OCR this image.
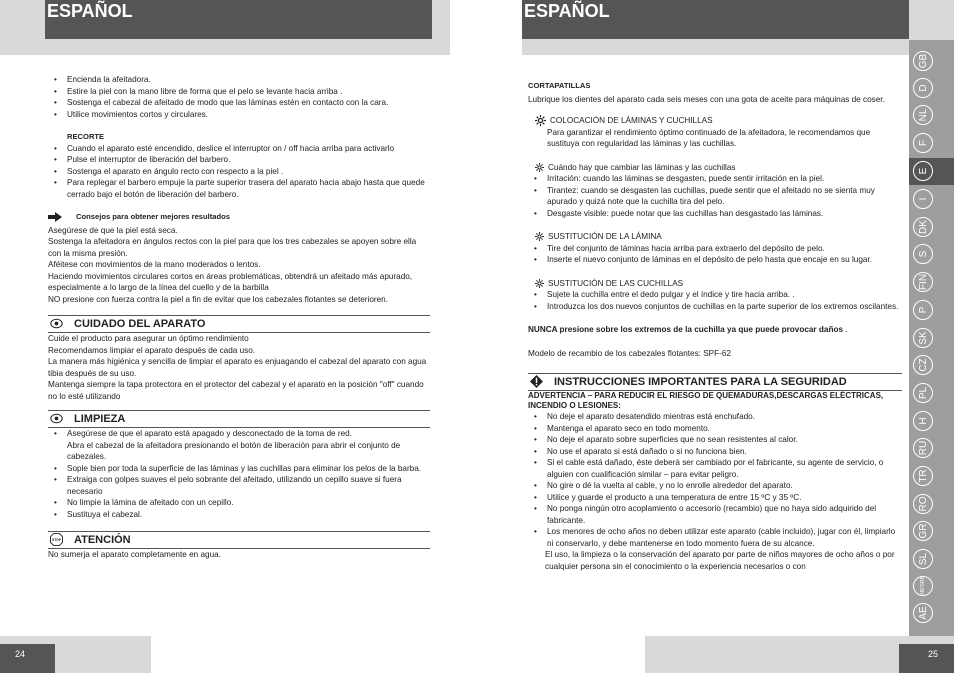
ESPAÑOL
• Encienda la afeitadora.
• Estire la piel con la mano libre de forma que el pelo se levante hacia arriba .
• Sostenga el cabezal de afeitado de modo que las láminas estén en contacto con la cara.
• Utilice movimientos cortos y circulares.

RECORTE

• Cuando el aparato esté encendido, deslice el interruptor on / off hacia arriba para activarlo
• Pulse el interruptor de liberación del barbero.
• Sostenga el aparato en ángulo recto con respecto a la piel .
• Para replegar el barbero empuje la parte superior trasera del aparato hacia abajo hasta que quede cerrado bajo el botón de liberación del barbero.
Consejos para obtener mejores resultados

Asegúrese de que la piel está seca.

Sostenga la afeitadora en ángulos rectos con la piel para que los tres cabezales se apoyen sobre ella con la misma presión.

Aféitese con movimientos de la mano moderados o lentos.

Haciendo movimientos circulares cortos en áreas problemáticas, obtendrá un afeitado más apurado, especialmente a lo largo de la línea del cuello y de la barbilla

NO presione con fuerza contra la piel a fin de evitar que los cabezales flotantes se deterioren.

CUIDADO DEL APARATO

Cuide el producto para asegurar un óptimo rendimiento

Recomendamos limpiar el aparato después de cada uso.

La manera más higiénica y sencilla de limpiar el aparato es enjuagando el cabezal del aparato con agua tibia después de su uso.

Mantenga siempre la tapa protectora en el protector del cabezal y el aparato en la posición "off" cuando no lo esté utilizando

LIMPIEZA
• Asegúrese de que el aparato está apagado y desconectado de la toma de red.
Abra el cabezal de la afeitadora presionando el botón de liberación para abrir el conjunto de cabezales.
• Sople bien por toda la superficie de las láminas y las cuchillas para eliminar los pelos de la barba.
• Extraiga con golpes suaves el pelo sobrante del afeitado, utilizando un cepillo suave si fuera necesario
• No limpie la lámina de afeitado con un cepillo.
• Sustituya el cabezal.
STOP ATENCIÓN

No sumerja el aparato completamente en agua.

24
ESPAÑOL

CORTAPATILLAS

Lubrique los dientes del aparato cada seis meses con una gota de aceite para máquinas de coser.

COLOCACIÓN DE LÁMINAS Y CUCHILLAS

Para garantizar el rendimiento óptimo continuado de la afeitadora, le recomendamos que sustituya con regularidad las láminas y las cuchillas.

Cuándo hay que cambiar las láminas y las cuchillas
• Irritación: cuando las láminas se desgasten, puede sentir irritación en la piel.
• Tirantez: cuando se desgasten las cuchillas, puede sentir que el afeitado no se sienta muy apurado y quizá note que la cuchilla tira del pelo.
• Desgaste visible: puede notar que las cuchillas han desgastado las láminas.
SUSTITUCIÓN DE LA LÁMINA
• Tire del conjunto de láminas hacia arriba para extraerlo del depósito de pelo.
• Inserte el nuevo conjunto de láminas en el depósito de pelo hasta que encaje en su lugar.
SUSTITUCIÓN DE LAS CUCHILLAS
• Sujete la cuchilla entre el dedo pulgar y el índice y tire hacia arriba. .
• Introduzca los dos nuevos conjuntos de cuchillas en la parte superior de los extremos oscilantes.

NUNCA presione sobre los extremos de la cuchilla ya que puede provocar daños .

Modelo de recambio de los cabezales flotantes: SPF-62

INSTRUCCIONES IMPORTANTES PARA LA SEGURIDAD

ADVERTENCIA – PARA REDUCIR EL RIESGO DE QUEMADURAS,DESCARGAS ELÉCTRICAS, INCENDIO O LESIONES:

• No deje el aparato desatendido mientras está enchufado.
• Mantenga el aparato seco en todo momento.
• No deje el aparato sobre superficies que no sean resistentes al calor.
• No use el aparato si está dañado o si no funciona bien.
• Si el cable está dañado, éste deberá ser cambiado por el fabricante, su agente de servicio, o alguien con cualificación similar – para evitar peligro.
• No gire o dé la vuelta al cable, y no lo enrolle alrededor del aparato.
• Utilice y guarde el producto a una temperatura de entre 15 ºC y 35 ºC.
• No ponga ningún otro acoplamiento o accesorio (recambio) que no haya sido adquirido del fabricante.
• Los menores de ocho años no deben utilizar este aparato (cable incluido), jugar con él, limpiarlo ni conservarlo, y debe mantenerse en todo momento fuera de su alcance.

El uso, la limpieza o la conservación del aparato por parte de niños mayores de ocho años o por cualquier persona sin el conocimiento o la experiencia necesarios o con

25
GB
D
NL
F
E
I
DK
S
FIN
P
SK
CZ
PL
H
RU
TR
RO
GR
SL
HR/SRB
AE
